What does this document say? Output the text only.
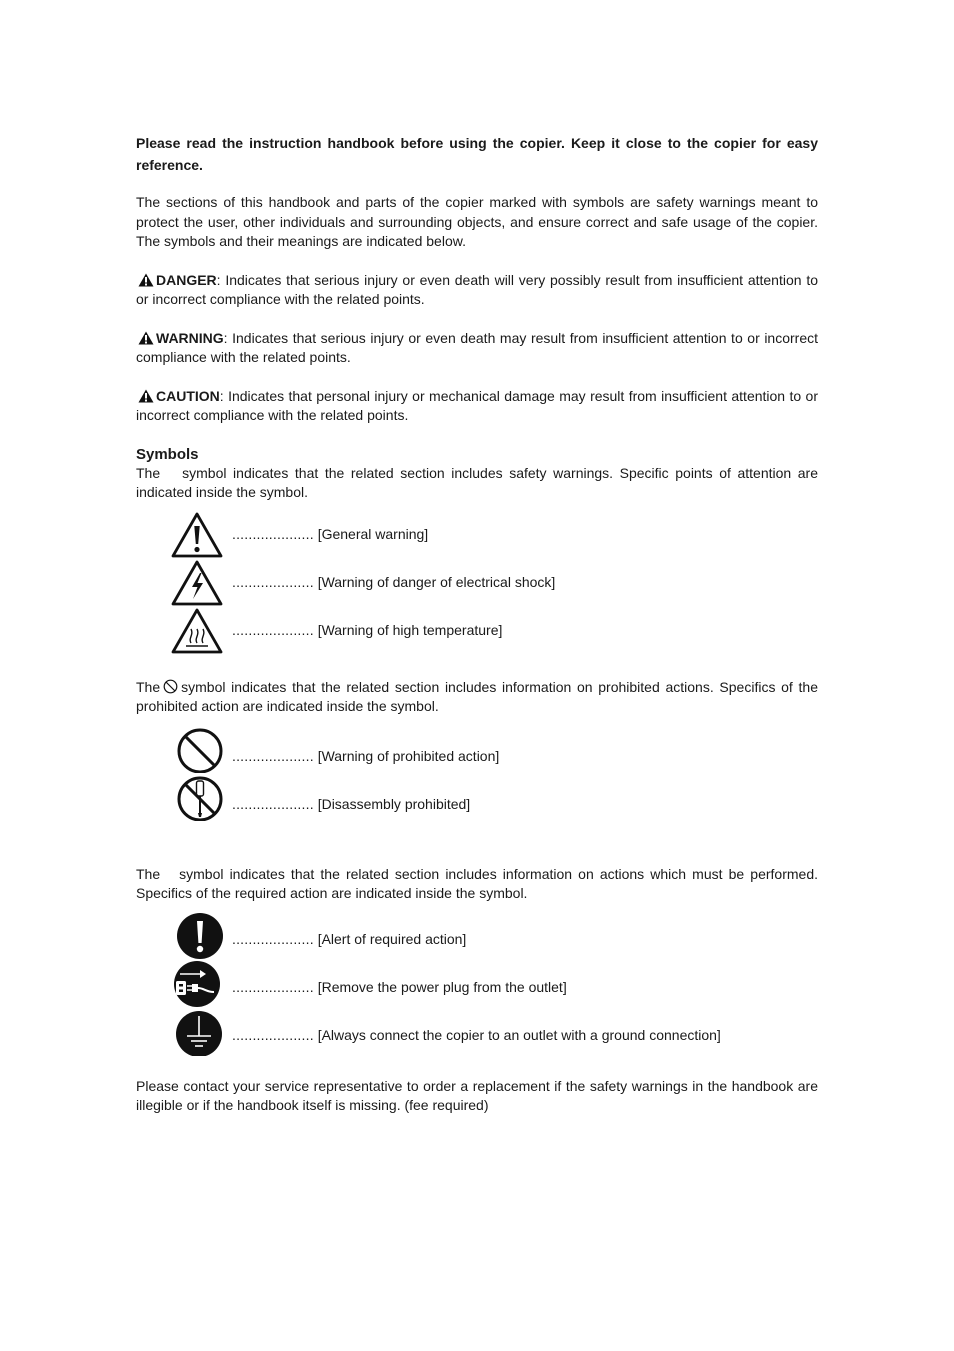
Please read the instruction handbook before using the copier. Keep it close to the copier for easy reference.

The sections of this handbook and parts of the copier marked with symbols are safety warnings meant to protect the user, other individuals and surrounding objects, and ensure correct and safe usage of the copier. The symbols and their meanings are indicated below.

DANGER: Indicates that serious injury or even death will very possibly result from insufficient attention to or incorrect compliance with the related points.

WARNING: Indicates that serious injury or even death may result from insufficient attention to or incorrect compliance with the related points.

CAUTION: Indicates that personal injury or mechanical damage may result from insufficient attention to or incorrect compliance with the related points.

Symbols

The symbol indicates that the related section includes safety warnings. Specific points of attention are indicated inside the symbol.

.................... [General warning]
.................... [Warning of danger of electrical shock]
.................... [Warning of high temperature]

The symbol indicates that the related section includes information on prohibited actions. Specifics of the prohibited action are indicated inside the symbol.

.................... [Warning of prohibited action]
.................... [Disassembly prohibited]

The symbol indicates that the related section includes information on actions which must be performed. Specifics of the required action are indicated inside the symbol.

.................... [Alert of required action]
.................... [Remove the power plug from the outlet]
.................... [Always connect the copier to an outlet with a ground connection]

Please contact your service representative to order a replacement if the safety warnings in the handbook are illegible or if the handbook itself is missing. (fee required)
